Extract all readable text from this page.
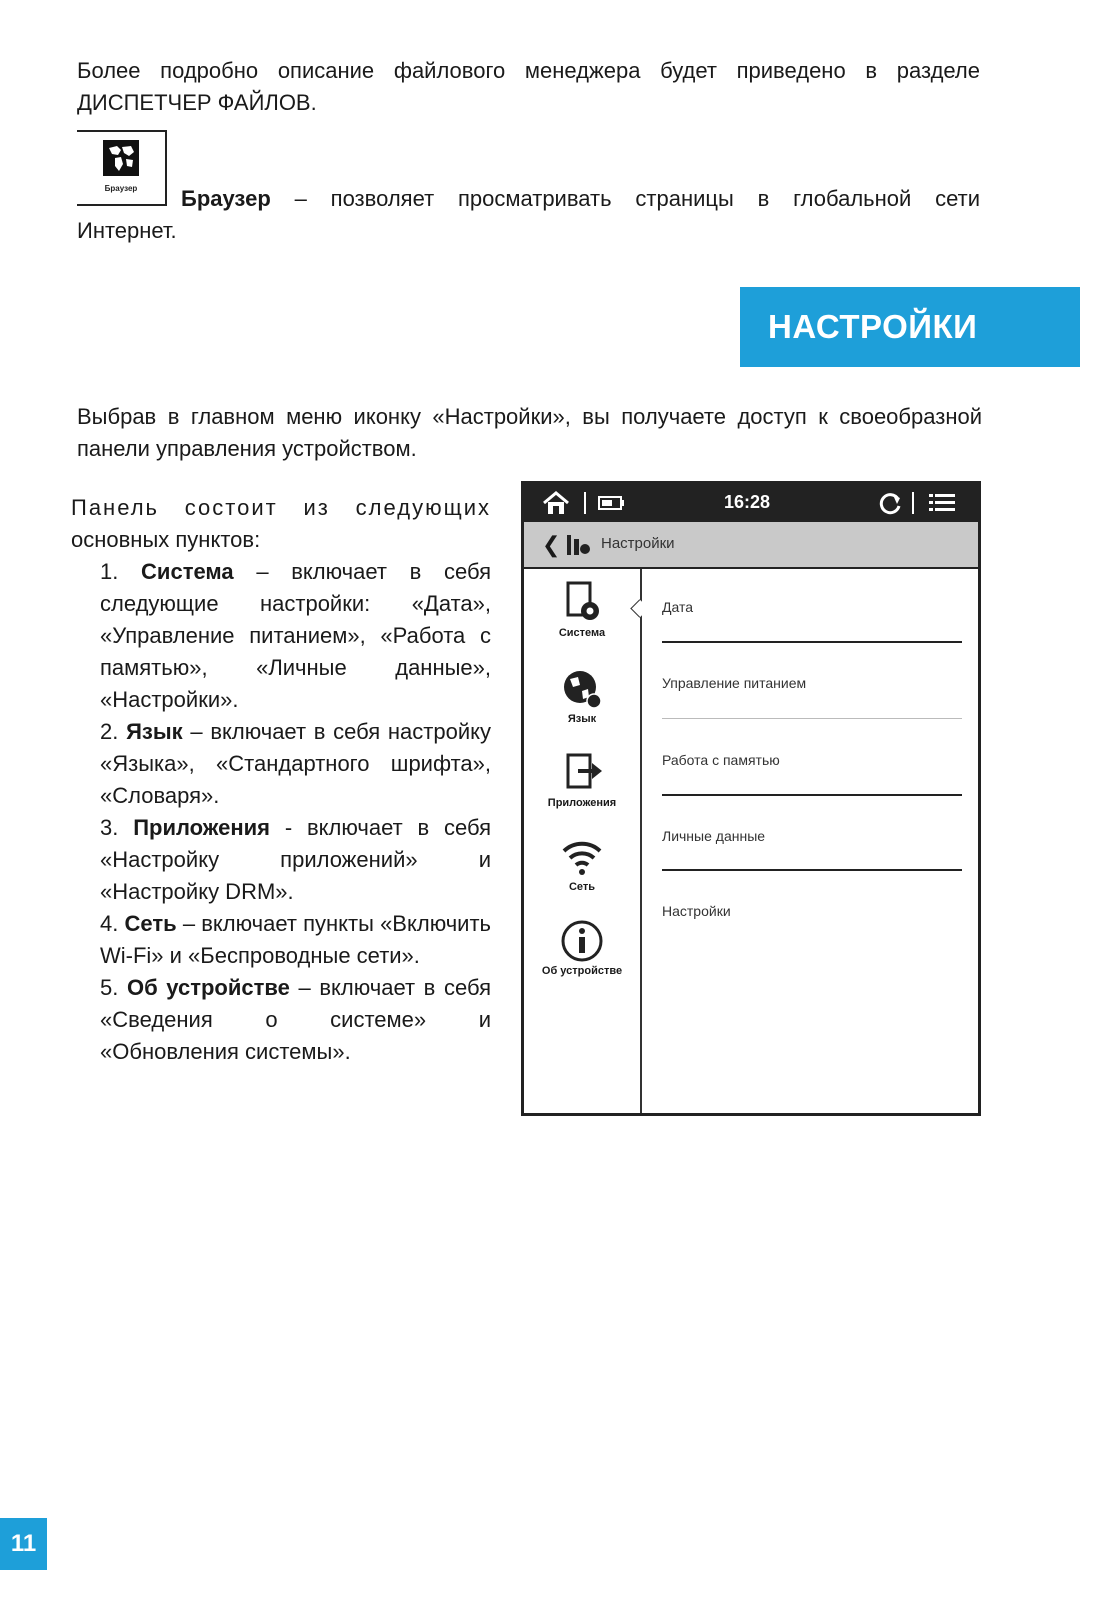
Более подробно описание файлового менеджера будет приведено в разделе
ДИСПЕТЧЕР ФАЙЛОВ.

Браузер	Браузер – позволяет просматривать страницы в глобальной сети
Интернет.

НАСТРОЙКИ

Выбрав в главном меню иконку «Настройки», вы получаете доступ к своеобразной панели управления устройством.

Панель состоит из следующих
основных пунктов:
1. Система – включает в себя следующие настройки: «Дата», «Управление питанием», «Работа с памятью», «Личные данные», «Настройки».
2. Язык – включает в себя настройку «Языка», «Стандартного шрифта», «Словаря».
3. Приложения - включает в себя «Настройку приложений» и «Настройку DRM».
4. Сеть – включает пункты «Включить Wi-Fi» и «Беспроводные сети».
5. Об устройстве – включает в себя «Сведения о системе» и «Обновления системы».
16:28
❮	Настройки
Система
Язык
Приложения
Сеть
Об устройстве
Дата
Управление питанием
Работа с памятью
Личные данные
Настройки
11
